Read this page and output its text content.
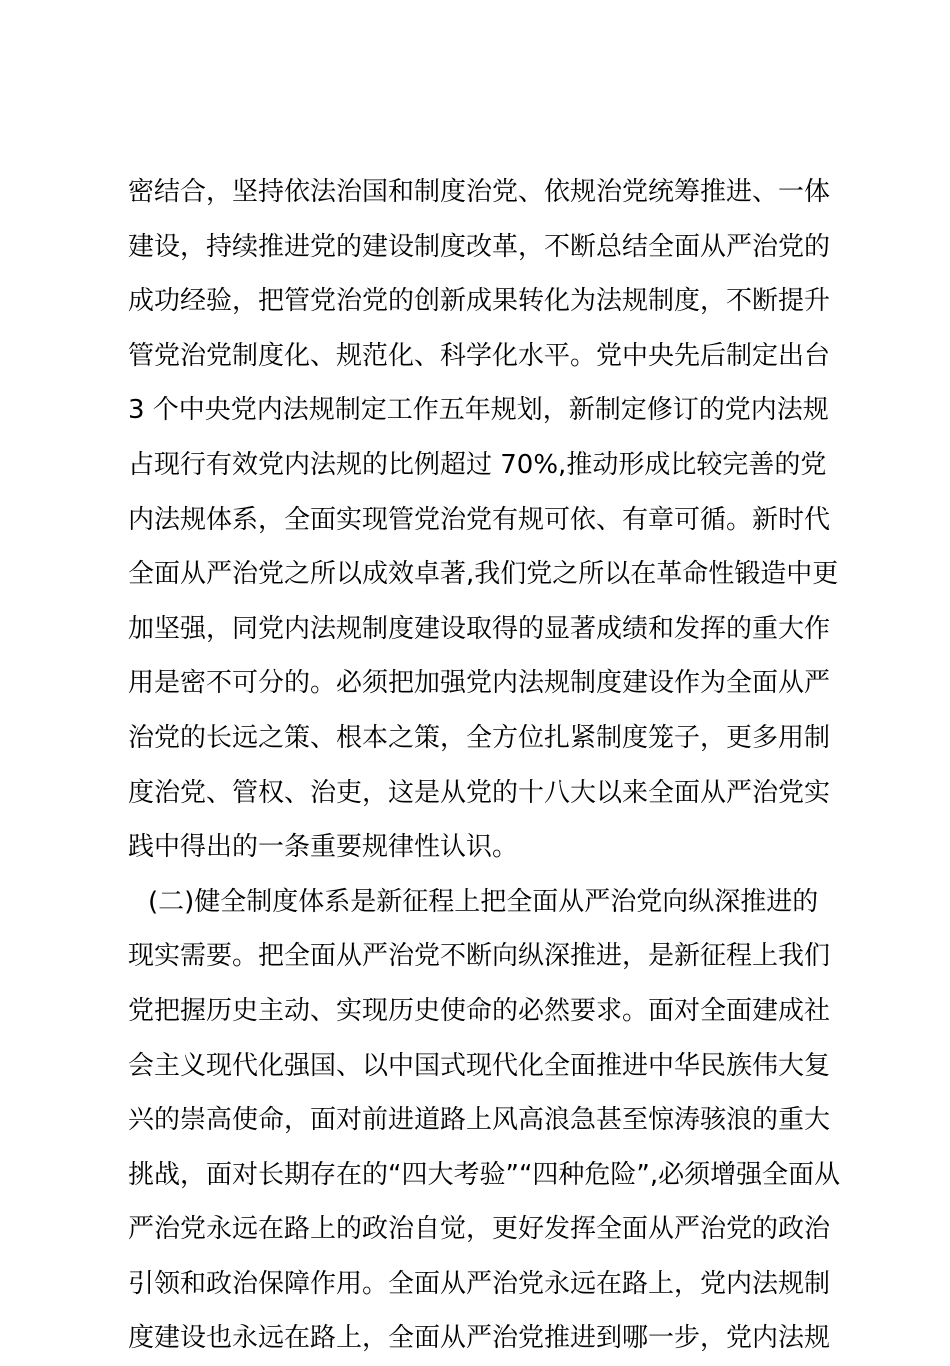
密结合，坚持依法治国和制度治党、依规治党统筹推进、一体
建设，持续推进党的建设制度改革，不断总结全面从严治党的
成功经验，把管党治党的创新成果转化为法规制度，不断提升
管党治党制度化、规范化、科学化水平。党中央先后制定出台
3 个中央党内法规制定工作五年规划，新制定修订的党内法规
占现行有效党内法规的比例超过 70%,推动形成比较完善的党
内法规体系，全面实现管党治党有规可依、有章可循。新时代
全面从严治党之所以成效卓著,我们党之所以在革命性锻造中更
加坚强，同党内法规制度建设取得的显著成绩和发挥的重大作
用是密不可分的。必须把加强党内法规制度建设作为全面从严
治党的长远之策、根本之策，全方位扎紧制度笼子，更多用制
度治党、管权、治吏，这是从党的十八大以来全面从严治党实
践中得出的一条重要规律性认识。
(二)健全制度体系是新征程上把全面从严治党向纵深推进的
现实需要。把全面从严治党不断向纵深推进，是新征程上我们
党把握历史主动、实现历史使命的必然要求。面对全面建成社
会主义现代化强国、以中国式现代化全面推进中华民族伟大复
兴的崇高使命，面对前进道路上风高浪急甚至惊涛骇浪的重大
挑战，面对长期存在的“四大考验”“四种危险”,必须增强全面从
严治党永远在路上的政治自觉，更好发挥全面从严治党的政治
引领和政治保障作用。全面从严治党永远在路上，党内法规制
度建设也永远在路上，全面从严治党推进到哪一步，党内法规
